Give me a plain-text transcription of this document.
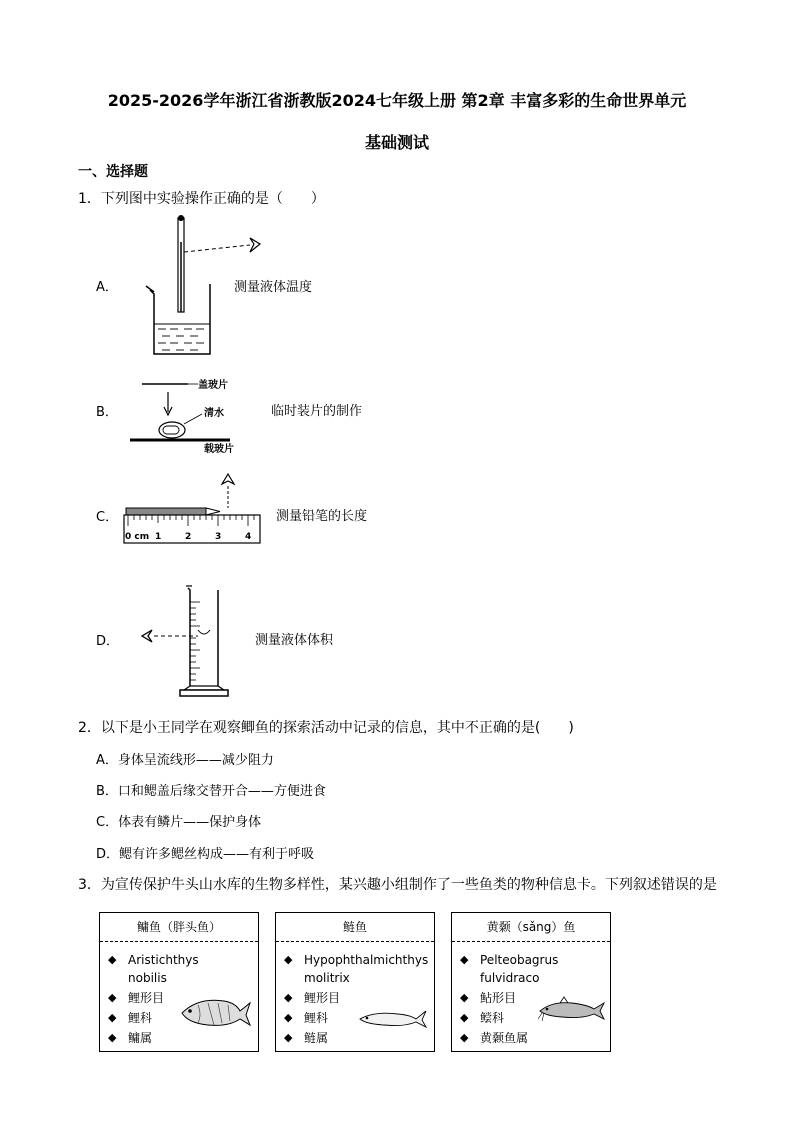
2025-2026学年浙江省浙教版2024七年级上册 第2章 丰富多彩的生命世界单元
基础测试
一、选择题
1．下列图中实验操作正确的是（　　）
A．	测量液体温度
B．
盖玻片
清水
载玻片
临时装片的制作
C．
0 cm 1	2	3	4
测量铅笔的长度
D．	测量液体体积
2．以下是小王同学在观察鲫鱼的探索活动中记录的信息，其中不正确的是(　　)
A．身体呈流线形——减少阻力
B．口和鳃盖后缘交替开合——方便进食
C．体表有鳞片——保护身体
D．鳃有许多鳃丝构成——有利于呼吸
3．为宣传保护牛头山水库的生物多样性，某兴趣小组制作了一些鱼类的物种信息卡。下列叙述错误的是
鳙鱼（胖头鱼）
◆ Aristichthys
nobilis
◆ 鲤形目
◆ 鲤科
◆ 鳙属
鲢鱼
◆ Hypophthalmichthys
molitrix
◆ 鲤形目
◆ 鲤科
◆ 鲢属
黄颡（sǎng）鱼
◆ Pelteobagrus
fulvidraco
◆ 鲇形目
◆ 鲿科
◆ 黄颡鱼属
